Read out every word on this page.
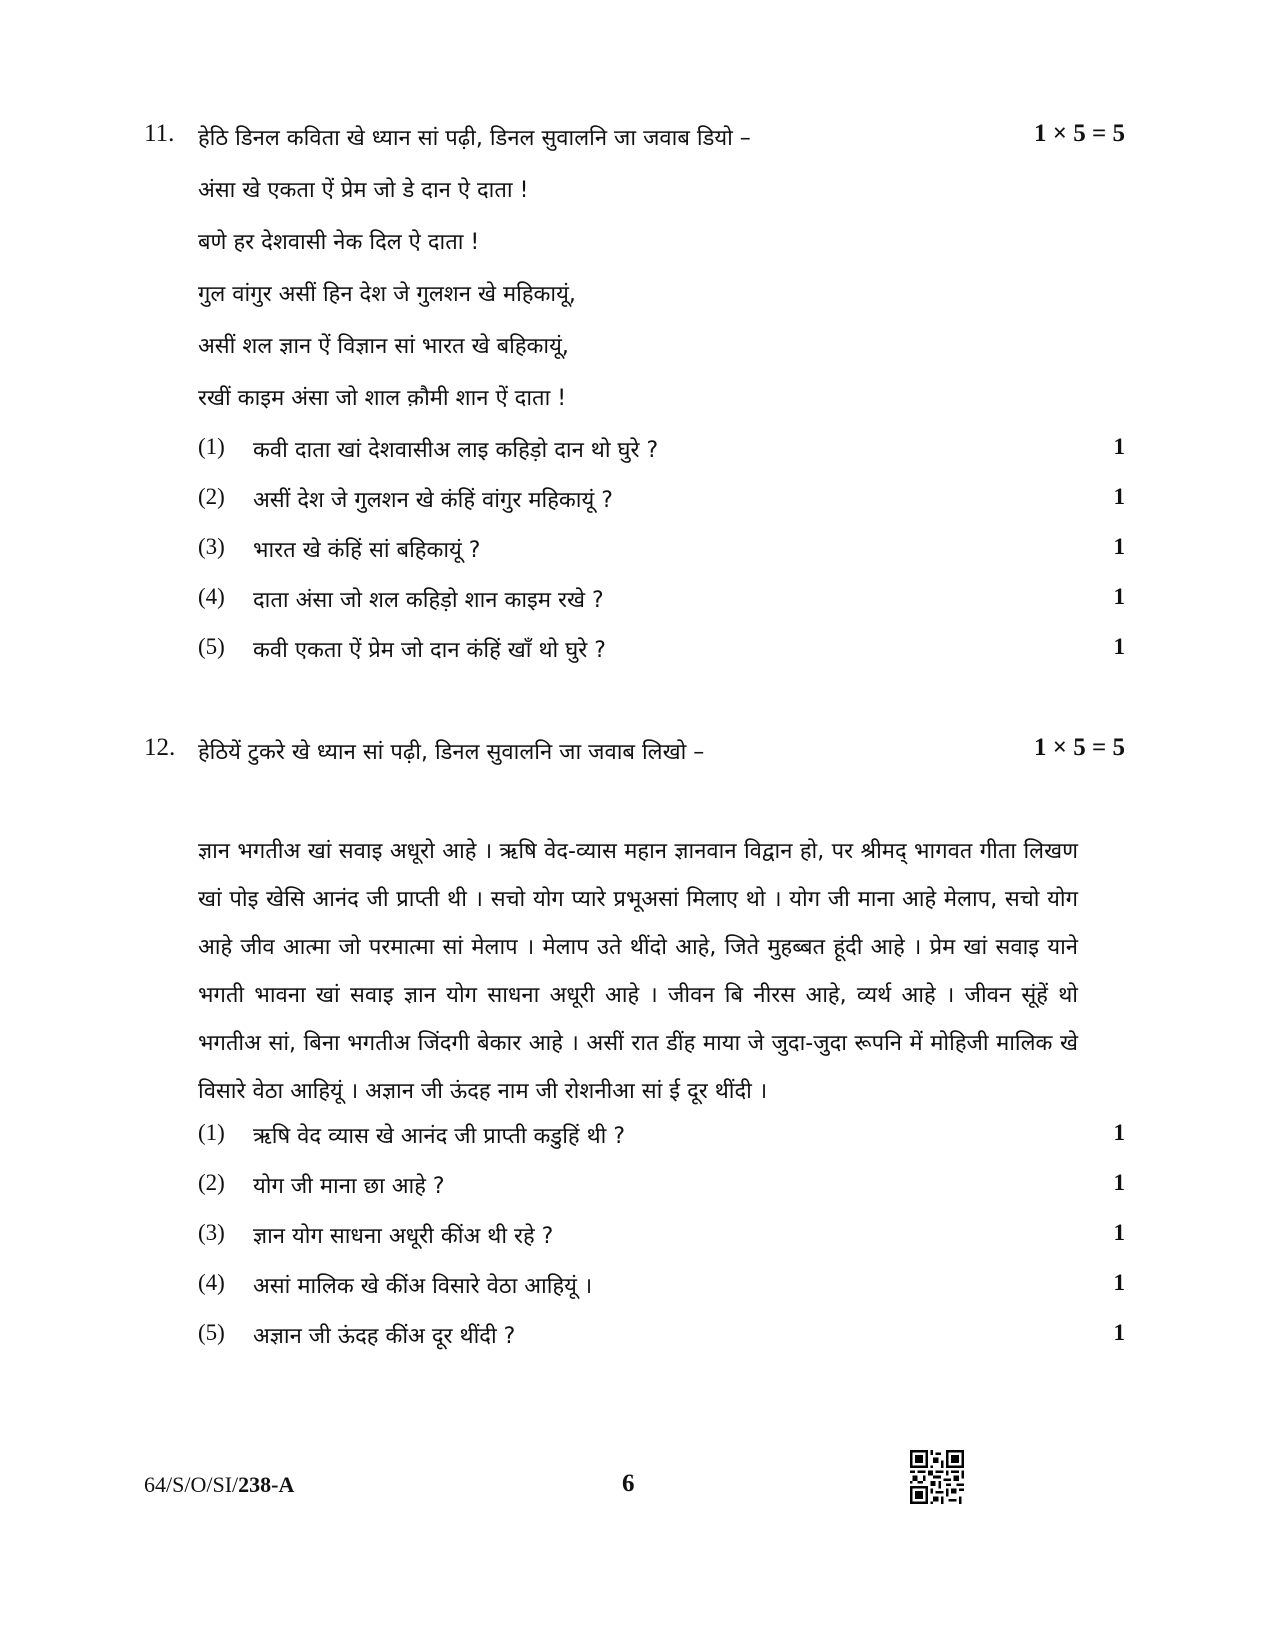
11. हेठि डिनल कविता खे ध्यान सां पढ़ी, डिनल सुवालनि जा जवाब डियो –	1 × 5 = 5
अंसा खे एकता ऐं प्रेम जो डे दान ऐ दाता !
बणे हर देशवासी नेक दिल ऐ दाता !
गुल वांगुर असीं हिन देश जे गुलशन खे महिकायूं,
असीं शल ज्ञान ऐं विज्ञान सां भारत खे बहिकायूं,
रखीं काइम अंसा जो शाल क़ौमी शान ऐं दाता !
(1) कवी दाता खां देशवासीअ लाइ कहिड़ो दान थो घुरे ?	1
(2) असीं देश जे गुलशन खे कंहिं वांगुर महिकायूं ?	1
(3) भारत खे कंहिं सां बहिकायूं ?	1
(4) दाता अंसा जो शल कहिड़ो शान काइम रखे ?	1
(5) कवी एकता ऐं प्रेम जो दान कंहिं खाँ थो घुरे ?	1
12. हेठियें टुकरे खे ध्यान सां पढ़ी, डिनल सुवालनि जा जवाब लिखो –	1 × 5 = 5

ज्ञान भगतीअ खां सवाइ अधूरो आहे । ऋषि वेद-व्यास महान ज्ञानवान विद्वान हो, पर श्रीमद् भागवत गीता लिखण खां पोइ खेसि आनंद जी प्राप्ती थी । सचो योग प्यारे प्रभूअसां मिलाए थो । योग जी माना आहे मेलाप, सचो योग आहे जीव आत्मा जो परमात्मा सां मेलाप । मेलाप उते थींदो आहे, जिते मुहब्बत हूंदी आहे । प्रेम खां सवाइ याने भगती भावना खां सवाइ ज्ञान योग साधना अधूरी आहे । जीवन बि नीरस आहे, व्यर्थ आहे । जीवन सूंहें थो भगतीअ सां, बिना भगतीअ जिंदगी बेकार आहे । असीं रात डींह माया जे जुदा-जुदा रूपनि में मोहिजी मालिक खे विसारे वेठा आहियूं । अज्ञान जी ऊंदह नाम जी रोशनीआ सां ई दूर थींदी ।

(1) ऋषि वेद व्यास खे आनंद जी प्राप्ती कडुहिं थी ?	1
(2) योग जी माना छा आहे ?	1
(3) ज्ञान योग साधना अधूरी कींअ थी रहे ?	1
(4) असां मालिक खे कींअ विसारे वेठा आहियूं ।	1
(5) अज्ञान जी ऊंदह कींअ दूर थींदी ?	1
64/S/O/SI/238-A	6
